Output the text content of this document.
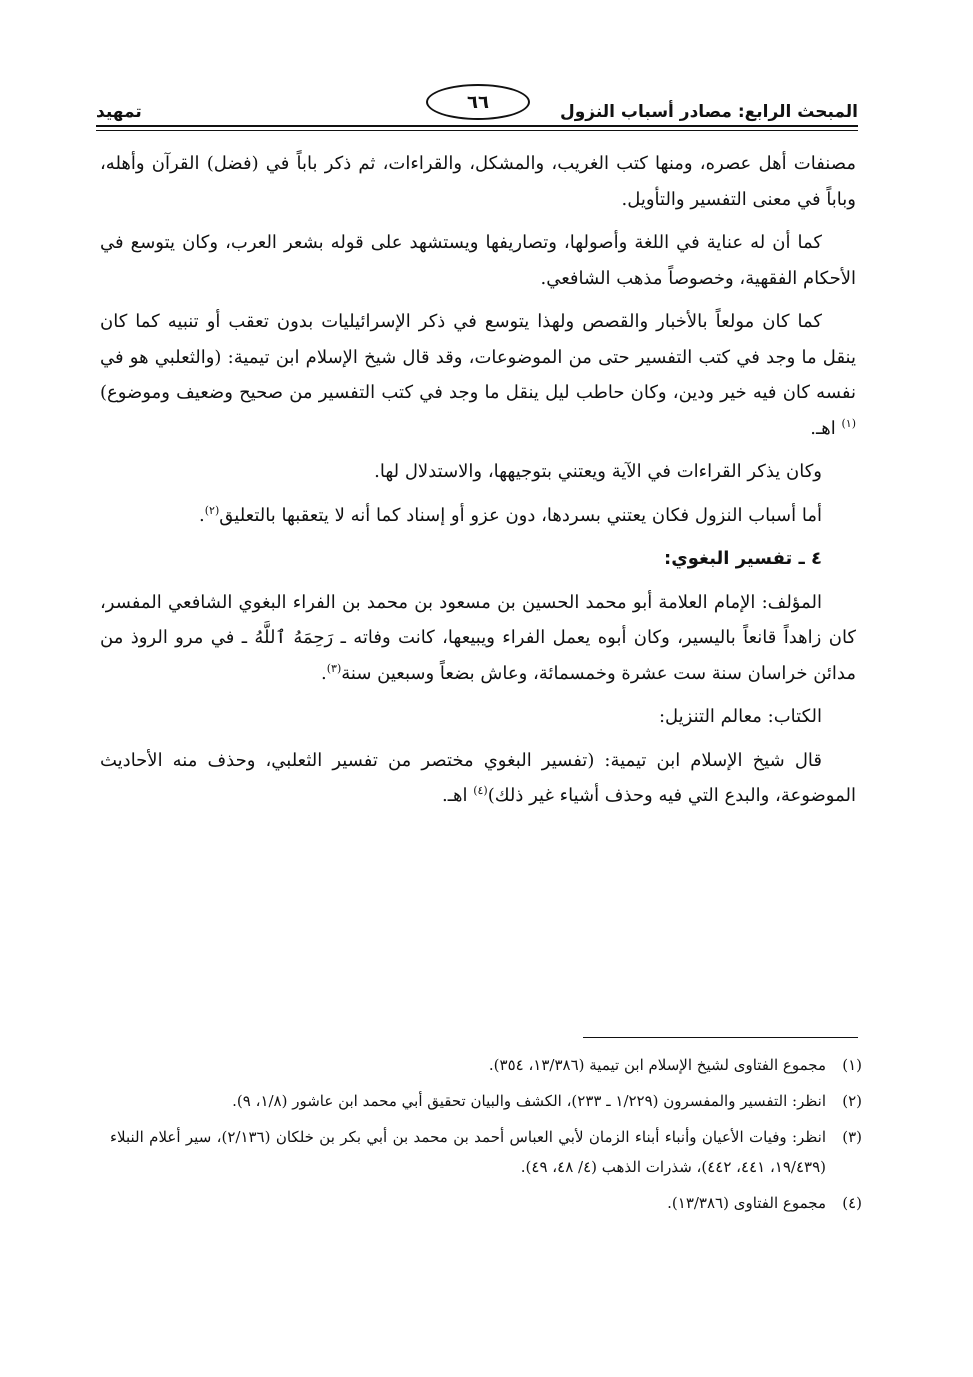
المبحث الرابع: مصادر أسباب النزول
٦٦
تمهيد

مصنفات أهل عصره، ومنها كتب الغريب، والمشكل، والقراءات، ثم ذكر باباً في (فضل) القرآن وأهله، وباباً في معنى التفسير والتأويل.

كما أن له عناية في اللغة وأصولها، وتصاريفها ويستشهد على قوله بشعر العرب، وكان يتوسع في الأحكام الفقهية، وخصوصاً مذهب الشافعي.

كما كان مولعاً بالأخبار والقصص ولهذا يتوسع في ذكر الإسرائيليات بدون تعقب أو تنبيه كما كان ينقل ما وجد في كتب التفسير حتى من الموضوعات، وقد قال شيخ الإسلام ابن تيمية: (والثعلبي هو في نفسه كان فيه خير ودين، وكان حاطب ليل ينقل ما وجد في كتب التفسير من صحيح وضعيف وموضوع)$^{(١)}$ اهـ.

وكان يذكر القراءات في الآية ويعتني بتوجيهها، والاستدلال لها.

أما أسباب النزول فكان يعتني بسردها، دون عزو أو إسناد كما أنه لا يتعقبها بالتعليق$^{(٢)}$.

٤ ـ تفسير البغوي:

المؤلف: الإمام العلامة أبو محمد الحسين بن مسعود بن محمد بن الفراء البغوي الشافعي المفسر، كان زاهداً قانعاً باليسير، وكان أبوه يعمل الفراء ويبيعها، كانت وفاته ـ رَحِمَهُ ٱللَّهُ ـ في مرو الروذ من مدائن خراسان سنة ست عشرة وخمسمائة، وعاش بضعاً وسبعين سنة$^{(٣)}$.

الكتاب: معالم التنزيل:

قال شيخ الإسلام ابن تيمية: (تفسير البغوي مختصر من تفسير الثعلبي، وحذف منه الأحاديث الموضوعة، والبدع التي فيه وحذف أشياء غير ذلك)$^{(٤)}$ اهـ.

(١)
مجموع الفتاوى لشيخ الإسلام ابن تيمية (١٣/٣٨٦، ٣٥٤).
(٢)
انظر: التفسير والمفسرون (١/٢٢٩ ـ ٢٣٣)، الكشف والبيان تحقيق أبي محمد ابن عاشور (١/٨، ٩).
(٣)
انظر: وفيات الأعيان وأنباء أبناء الزمان لأبي العباس أحمد بن محمد بن أبي بكر بن خلكان (٢/١٣٦)، سير أعلام النبلاء (١٩/٤٣٩، ٤٤١، ٤٤٢)، شذرات الذهب (٤/ ٤٨، ٤٩).
(٤)
مجموع الفتاوى (١٣/٣٨٦).
